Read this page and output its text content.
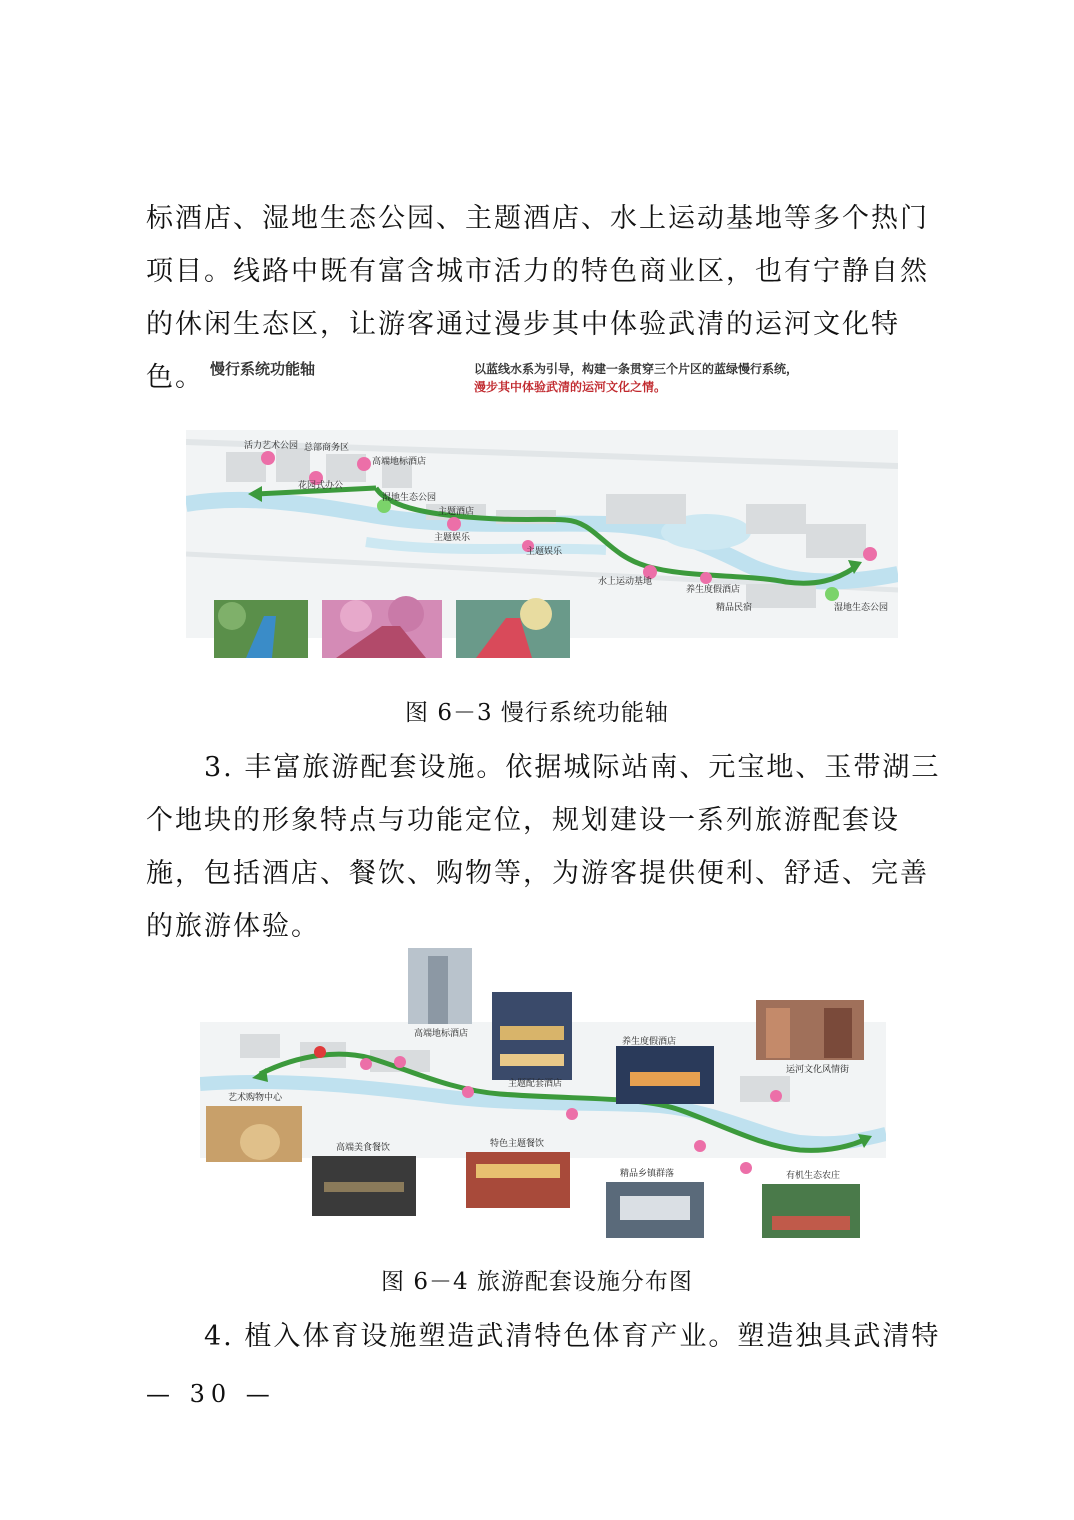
标酒店、湿地生态公园、主题酒店、水上运动基地等多个热门项目。线路中既有富含城市活力的特色商业区，也有宁静自然的休闲生态区，让游客通过漫步其中体验武清的运河文化特色。 慢行系统功能轴	以蓝线水系为引导，构建一条贯穿三个片区的蓝绿慢行系统，
漫步其中体验武清的运河文化之情。
活力艺术公园 总部商务区
高端地标酒店
花园式办公
湿地生态公园
主题酒店
主题娱乐
主题娱乐
水上运动基地
养生度假酒店
精品民宿	湿地生态公园
图 6－3 慢行系统功能轴

3. 丰富旅游配套设施。依据城际站南、元宝地、玉带湖三个地块的形象特点与功能定位，规划建设一系列旅游配套设施，包括酒店、餐饮、购物等，为游客提供便利、舒适、完善的旅游体验。

高端地标酒店
主题配套酒店
养生度假酒店
运河文化风情街
艺术购物中心
高端美食餐饮	特色主题餐饮
精品乡镇群落	有机生态农庄
图 6－4 旅游配套设施分布图

4. 植入体育设施塑造武清特色体育产业。塑造独具武清特

— 30 —
